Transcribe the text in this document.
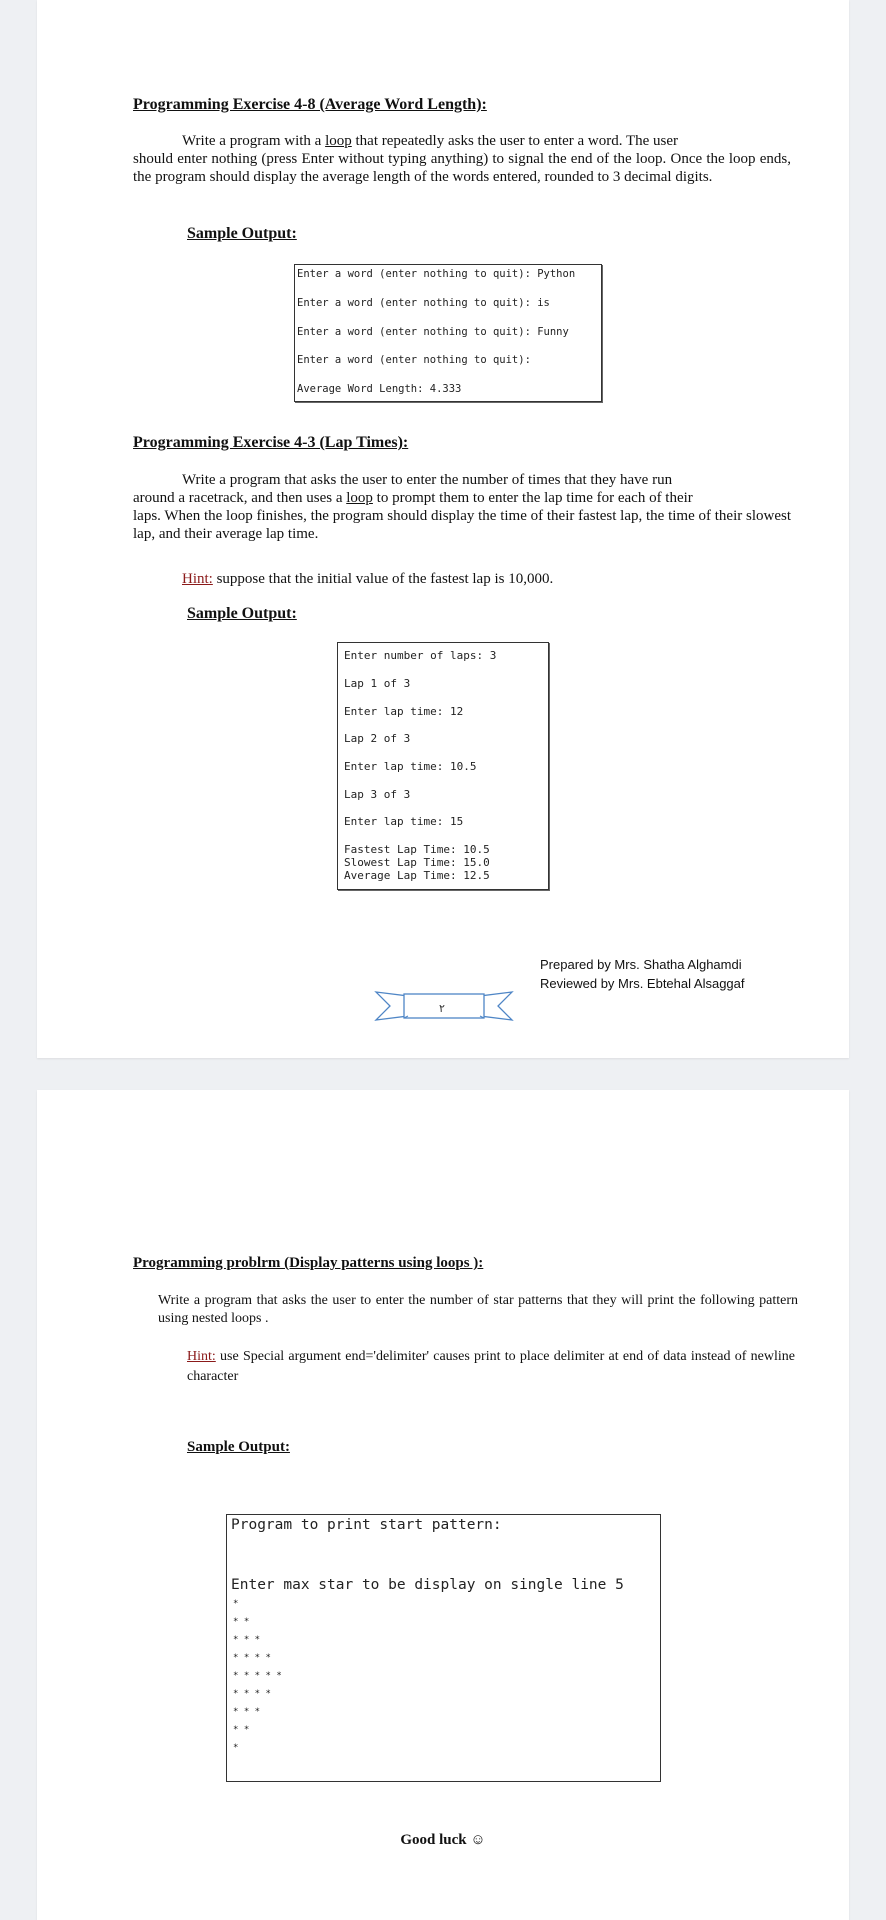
Programming Exercise 4-8 (Average Word Length):
Write a program with a loop that repeatedly asks the user to enter a word. The user
should enter nothing (press Enter without typing anything) to signal the end of the loop. Once the loop ends, the program should display the average length of the words entered, rounded to 3 decimal digits.
Sample Output:
Enter a word (enter nothing to quit): Python
Enter a word (enter nothing to quit): is
Enter a word (enter nothing to quit): Funny
Enter a word (enter nothing to quit):
Average Word Length: 4.333
Programming Exercise 4-3 (Lap Times):
Write a program that asks the user to enter the number of times that they have run
around a racetrack, and then uses a loop to prompt them to enter the lap time for each of their
laps. When the loop finishes, the program should display the time of their fastest lap, the time of their slowest lap, and their average lap time.
Hint: suppose that the initial value of the fastest lap is 10,000.
Sample Output:
Enter number of laps: 3
Lap 1 of 3
Enter lap time: 12
Lap 2 of 3
Enter lap time: 10.5
Lap 3 of 3
Enter lap time: 15
Fastest Lap Time: 10.5
Slowest Lap Time: 15.0
Average Lap Time: 12.5
Prepared by Mrs. Shatha Alghamdi
Reviewed by Mrs. Ebtehal Alsaggaf
٢
Programming problrm (Display patterns using loops ):
Write a program that asks the user to enter the number of star patterns that they will print the following pattern using nested loops .
Hint: use Special argument end='delimiter' causes print to place delimiter at end of data instead of newline character
Sample Output:
Program to print start pattern:
Enter max star to be display on single line 5
*
* *
* * *
* * * *
* * * * *
* * * *
* * *
* *
*
Good luck ☺
